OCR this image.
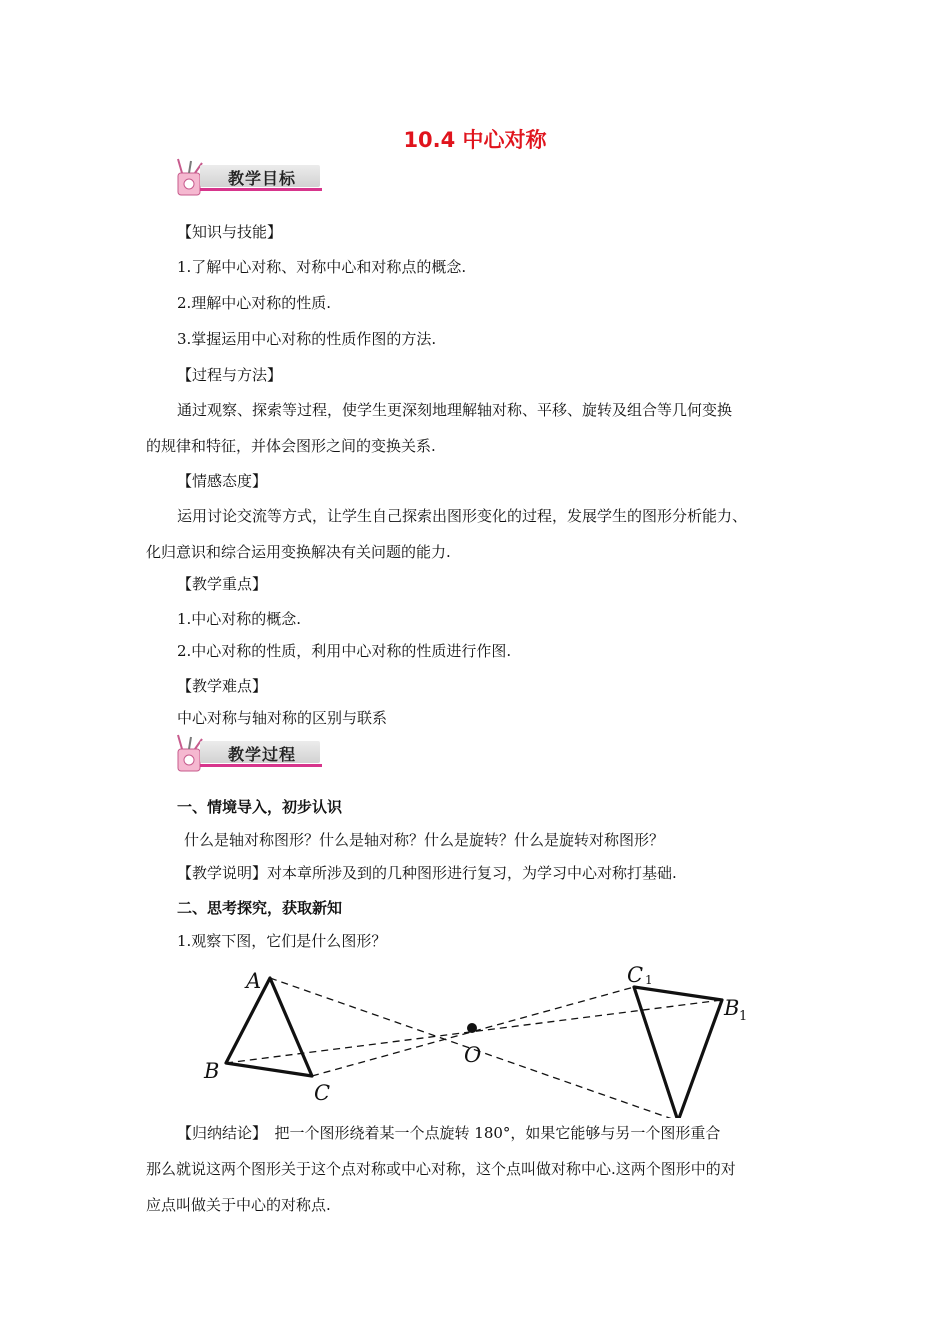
10.4 中心对称
教学目标
【知识与技能】
1.了解中心对称、对称中心和对称点的概念.
2.理解中心对称的性质.
3.掌握运用中心对称的性质作图的方法.
【过程与方法】
通过观察、探索等过程，使学生更深刻地理解轴对称、平移、旋转及组合等几何变换
的规律和特征，并体会图形之间的变换关系.
【情感态度】
运用讨论交流等方式，让学生自己探索出图形变化的过程，发展学生的图形分析能力、
化归意识和综合运用变换解决有关问题的能力.
【教学重点】
1.中心对称的概念.
2.中心对称的性质，利用中心对称的性质进行作图.
【教学难点】
中心对称与轴对称的区别与联系
教学过程
一、情境导入，初步认识
什么是轴对称图形？什么是轴对称？什么是旋转？什么是旋转对称图形？
【教学说明】对本章所涉及到的几种图形进行复习，为学习中心对称打基础.
二、思考探究，获取新知
1.观察下图，它们是什么图形？
A
B
C
O
C 1
B 1
【归纳结论】　把一个图形绕着某一个点旋转 180°，如果它能够与另一个图形重合
那么就说这两个图形关于这个点对称或中心对称，这个点叫做对称中心.这两个图形中的对
应点叫做关于中心的对称点.
